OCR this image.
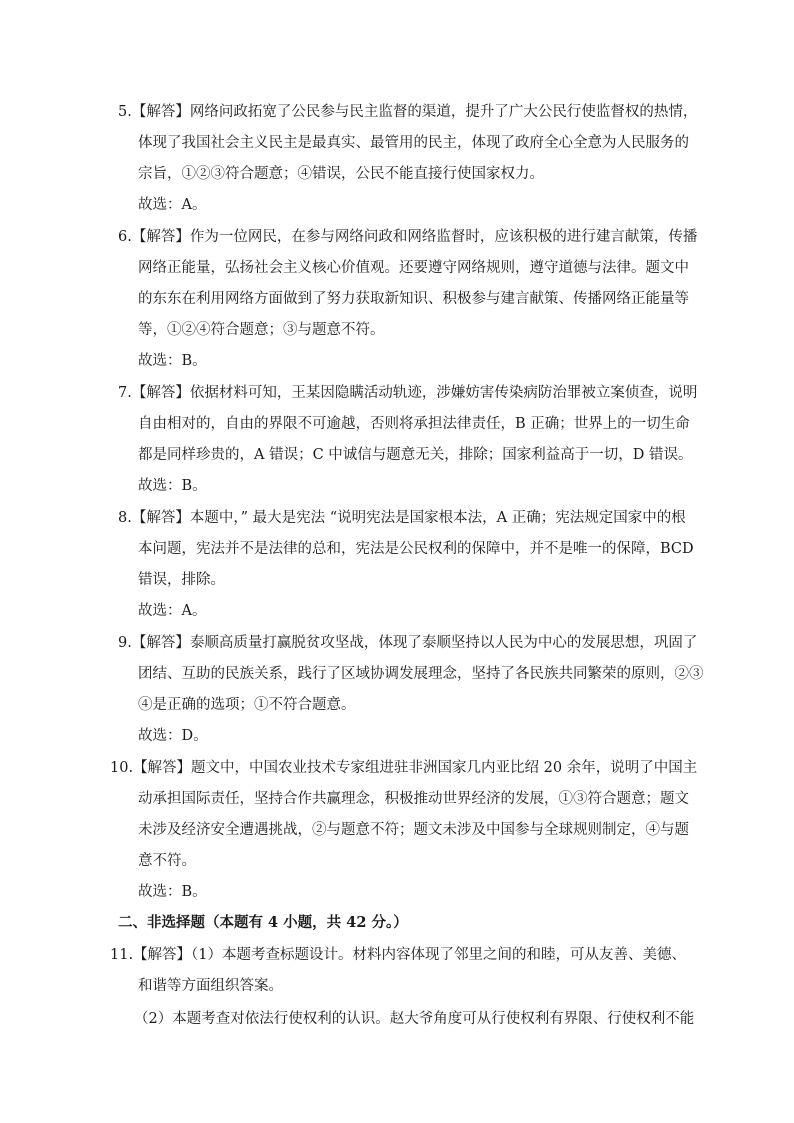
5.【解答】网络问政拓宽了公民参与民主监督的渠道，提升了广大公民行使监督权的热情，
体现了我国社会主义民主是最真实、最管用的民主，体现了政府全心全意为人民服务的
宗旨，①②③符合题意；④错误，公民不能直接行使国家权力。
故选：A。
6.【解答】作为一位网民，在参与网络问政和网络监督时，应该积极的进行建言献策，传播
网络正能量，弘扬社会主义核心价值观。还要遵守网络规则，遵守道德与法律。题文中
的东东在利用网络方面做到了努力获取新知识、积极参与建言献策、传播网络正能量等
等，①②④符合题意；③与题意不符。
故选：B。
7.【解答】依据材料可知，王某因隐瞒活动轨迹，涉嫌妨害传染病防治罪被立案侦查，说明
自由相对的，自由的界限不可逾越，否则将承担法律责任，B 正确；世界上的一切生命
都是同样珍贵的，A 错误；C 中诚信与题意无关，排除；国家利益高于一切，D 错误。
故选：B。
8.【解答】本题中，” 最大是宪法 “说明宪法是国家根本法，A 正确；宪法规定国家中的根
本问题，宪法并不是法律的总和，宪法是公民权利的保障中，并不是唯一的保障，BCD
错误，排除。
故选：A。
9.【解答】泰顺高质量打赢脱贫攻坚战，体现了泰顺坚持以人民为中心的发展思想，巩固了
团结、互助的民族关系，践行了区域协调发展理念，坚持了各民族共同繁荣的原则，②③
④是正确的选项；①不符合题意。
故选：D。
10.【解答】题文中，中国农业技术专家组进驻非洲国家几内亚比绍 20 余年，说明了中国主
动承担国际责任，坚持合作共赢理念，积极推动世界经济的发展，①③符合题意；题文
未涉及经济安全遭遇挑战，②与题意不符；题文未涉及中国参与全球规则制定，④与题
意不符。
故选：B。
二、非选择题（本题有 4 小题，共 42 分。）
11.【解答】（1）本题考查标题设计。材料内容体现了邻里之间的和睦，可从友善、美德、
和谐等方面组织答案。
（2）本题考查对依法行使权利的认识。赵大爷角度可从行使权利有界限、行使权利不能
